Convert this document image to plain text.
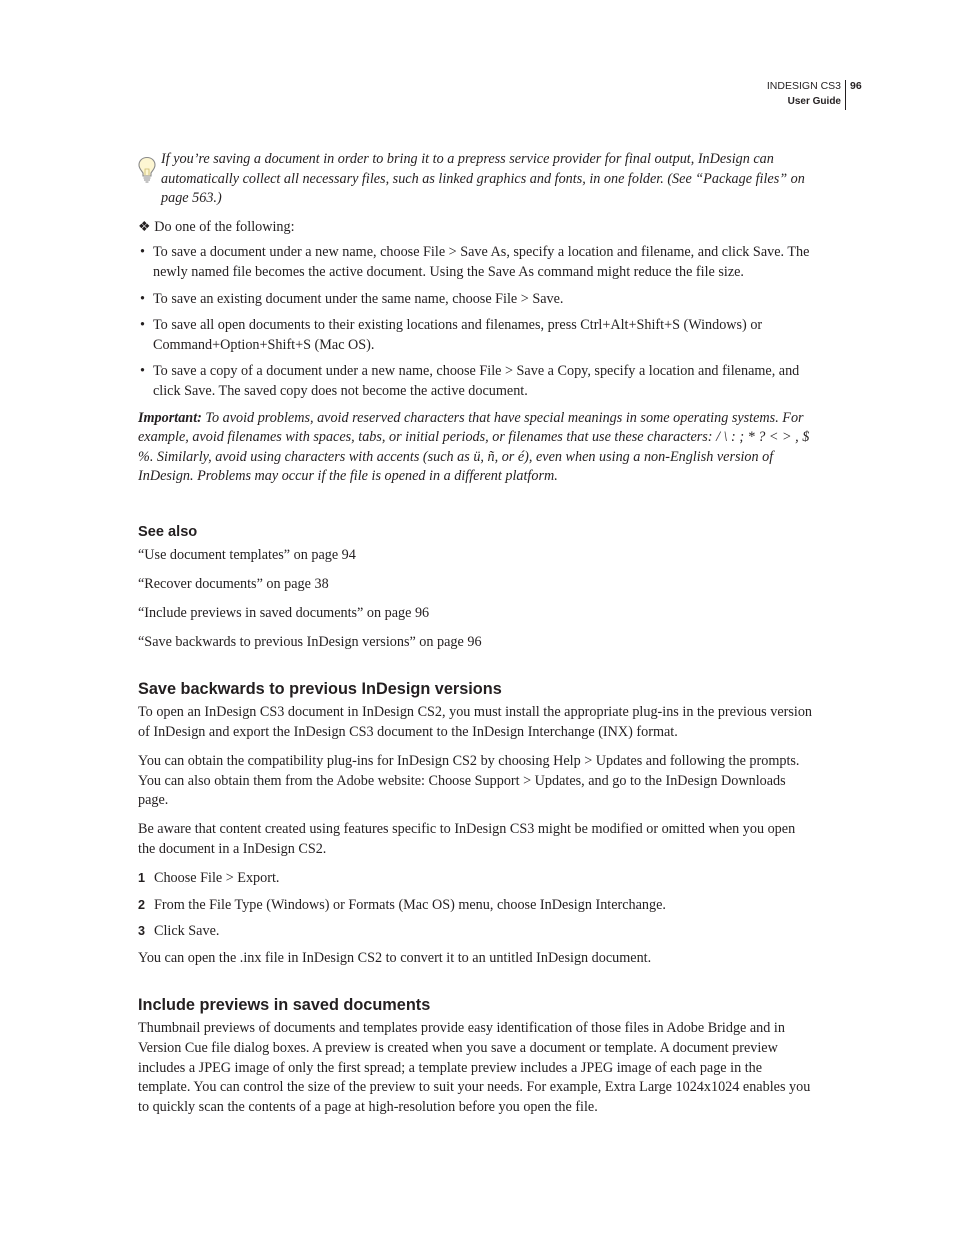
INDESIGN CS3
User Guide
96

If you’re saving a document in order to bring it to a prepress service provider for final output, InDesign can automatically collect all necessary files, such as linked graphics and fonts, in one folder. (See “Package files” on page 563.)

❖ Do one of the following:

• To save a document under a new name, choose File > Save As, specify a location and filename, and click Save. The newly named file becomes the active document. Using the Save As command might reduce the file size.
• To save an existing document under the same name, choose File > Save.
• To save all open documents to their existing locations and filenames, press Ctrl+Alt+Shift+S (Windows) or Command+Option+Shift+S (Mac OS).
• To save a copy of a document under a new name, choose File > Save a Copy, specify a location and filename, and click Save. The saved copy does not become the active document.

Important: To avoid problems, avoid reserved characters that have special meanings in some operating systems. For example, avoid filenames with spaces, tabs, or initial periods, or filenames that use these characters: / \ : ; * ? < > , $ %. Similarly, avoid using characters with accents (such as ü, ñ, or é), even when using a non-English version of InDesign. Problems may occur if the file is opened in a different platform.

See also

“Use document templates” on page 94

“Recover documents” on page 38

“Include previews in saved documents” on page 96

“Save backwards to previous InDesign versions” on page 96

Save backwards to previous InDesign versions

To open an InDesign CS3 document in InDesign CS2, you must install the appropriate plug-ins in the previous version of InDesign and export the InDesign CS3 document to the InDesign Interchange (INX) format.

You can obtain the compatibility plug-ins for InDesign CS2 by choosing Help > Updates and following the prompts. You can also obtain them from the Adobe website: Choose Support > Updates, and go to the InDesign Downloads page.

Be aware that content created using features specific to InDesign CS3 might be modified or omitted when you open the document in a InDesign CS2.

1 Choose File > Export.
2 From the File Type (Windows) or Formats (Mac OS) menu, choose InDesign Interchange.
3 Click Save.

You can open the .inx file in InDesign CS2 to convert it to an untitled InDesign document.

Include previews in saved documents

Thumbnail previews of documents and templates provide easy identification of those files in Adobe Bridge and in Version Cue file dialog boxes. A preview is created when you save a document or template. A document preview includes a JPEG image of only the first spread; a template preview includes a JPEG image of each page in the template. You can control the size of the preview to suit your needs. For example, Extra Large 1024x1024 enables you to quickly scan the contents of a page at high-resolution before you open the file.
